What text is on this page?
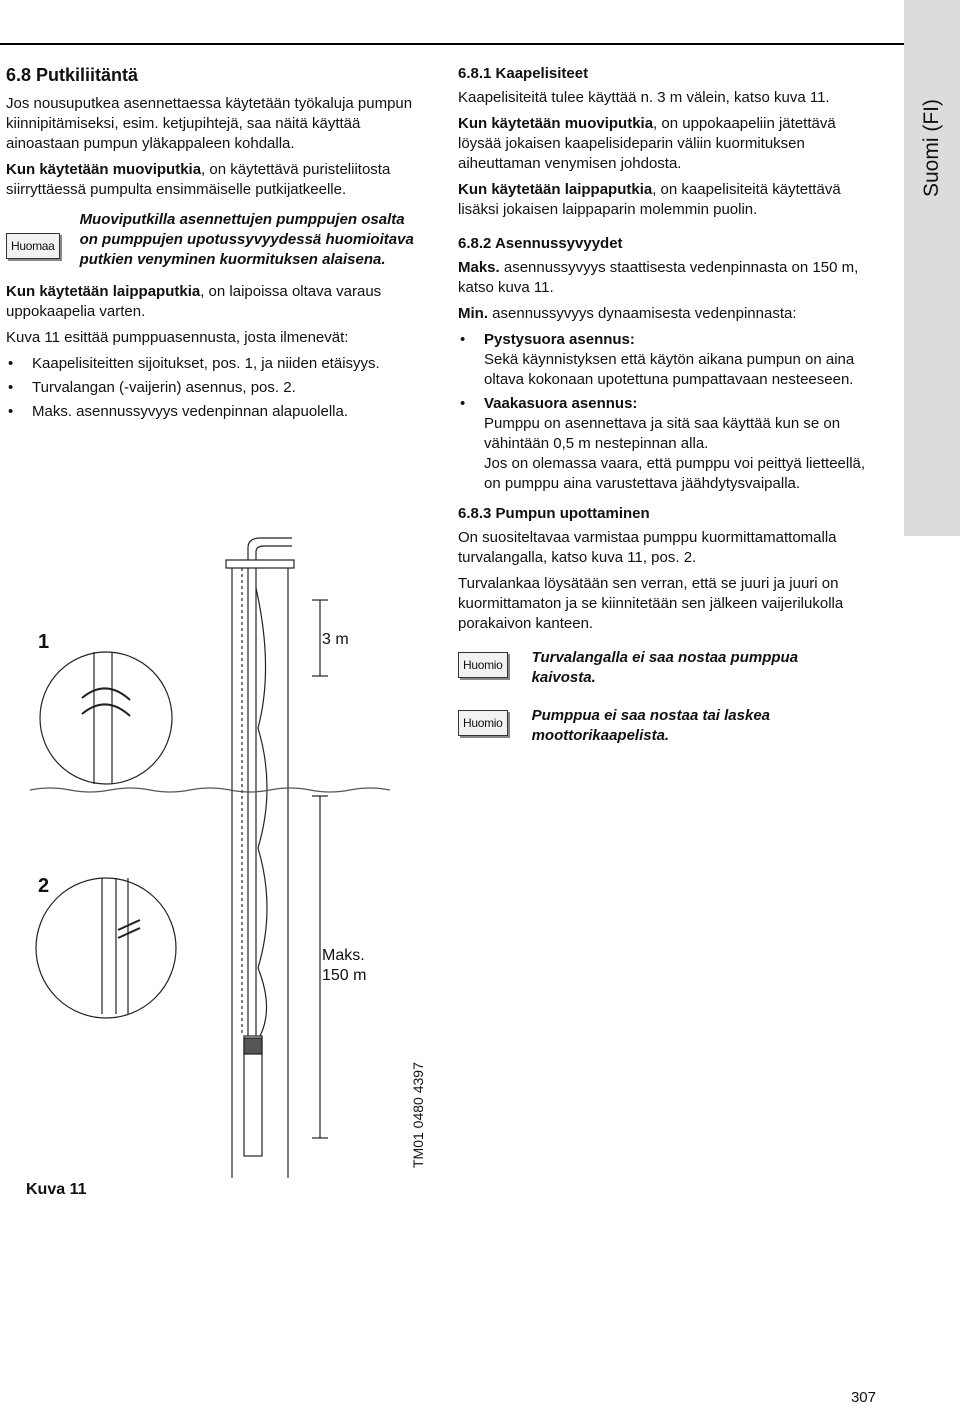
Suomi (FI)
6.8 Putkiliitäntä

Jos nousuputkea asennettaessa käytetään työkaluja pumpun kiinnipitämiseksi, esim. ketjupihtejä, saa näitä käyttää ainoastaan pumpun yläkappaleen kohdalla.

Kun käytetään muoviputkia, on käytettävä puristeliitosta siirryttäessä pumpulta ensimmäiselle putkijatkeelle.

Huomaa
Muoviputkilla asennettujen pumppujen osalta on pumppujen upotussyvyydessä huomioitava putkien venyminen kuormituksen alaisena.

Kun käytetään laippaputkia, on laipoissa oltava varaus uppokaapelia varten.

Kuva 11 esittää pumppuasennusta, josta ilmenevät:

• Kaapelisiteitten sijoitukset, pos. 1, ja niiden etäisyys.
• Turvalangan (-vaijerin) asennus, pos. 2.
• Maks. asennussyvyys vedenpinnan alapuolella.
6.8.1 Kaapelisiteet

Kaapelisiteitä tulee käyttää n. 3 m välein, katso kuva 11.

Kun käytetään muoviputkia, on uppokaapeliin jätettävä löysää jokaisen kaapelisideparin väliin kuormituksen aiheuttaman venymisen johdosta.

Kun käytetään laippaputkia, on kaapelisiteitä käytettävä lisäksi jokaisen laippaparin molemmin puolin.

6.8.2 Asennussyvyydet

Maks. asennussyvyys staattisesta vedenpinnasta on 150 m, katso kuva 11.

Min. asennussyvyys dynaamisesta vedenpinnasta:

• Pystysuora asennus:
Sekä käynnistyksen että käytön aikana pumpun on aina oltava kokonaan upotettuna pumpattavaan nesteeseen.
• Vaakasuora asennus:
Pumppu on asennettava ja sitä saa käyttää kun se on vähintään 0,5 m nestepinnan alla.
Jos on olemassa vaara, että pumppu voi peittyä lietteellä, on pumppu aina varustettava jäähdytysvaipalla.
6.8.3 Pumpun upottaminen

On suositeltavaa varmistaa pumppu kuormittamattomalla turvalangalla, katso kuva 11, pos. 2.

Turvalankaa löysätään sen verran, että se juuri ja juuri on kuormittamaton ja se kiinnitetään sen jälkeen vaijerilukolla porakaivon kanteen.

Huomio	Turvalangalla ei saa nostaa pumppua kaivosta.
Huomio	Pumppua ei saa nostaa tai laskea moottorikaapelista.
1
2
3 m
Maks.
150 m
TM01 0480 4397
Kuva 11
307
